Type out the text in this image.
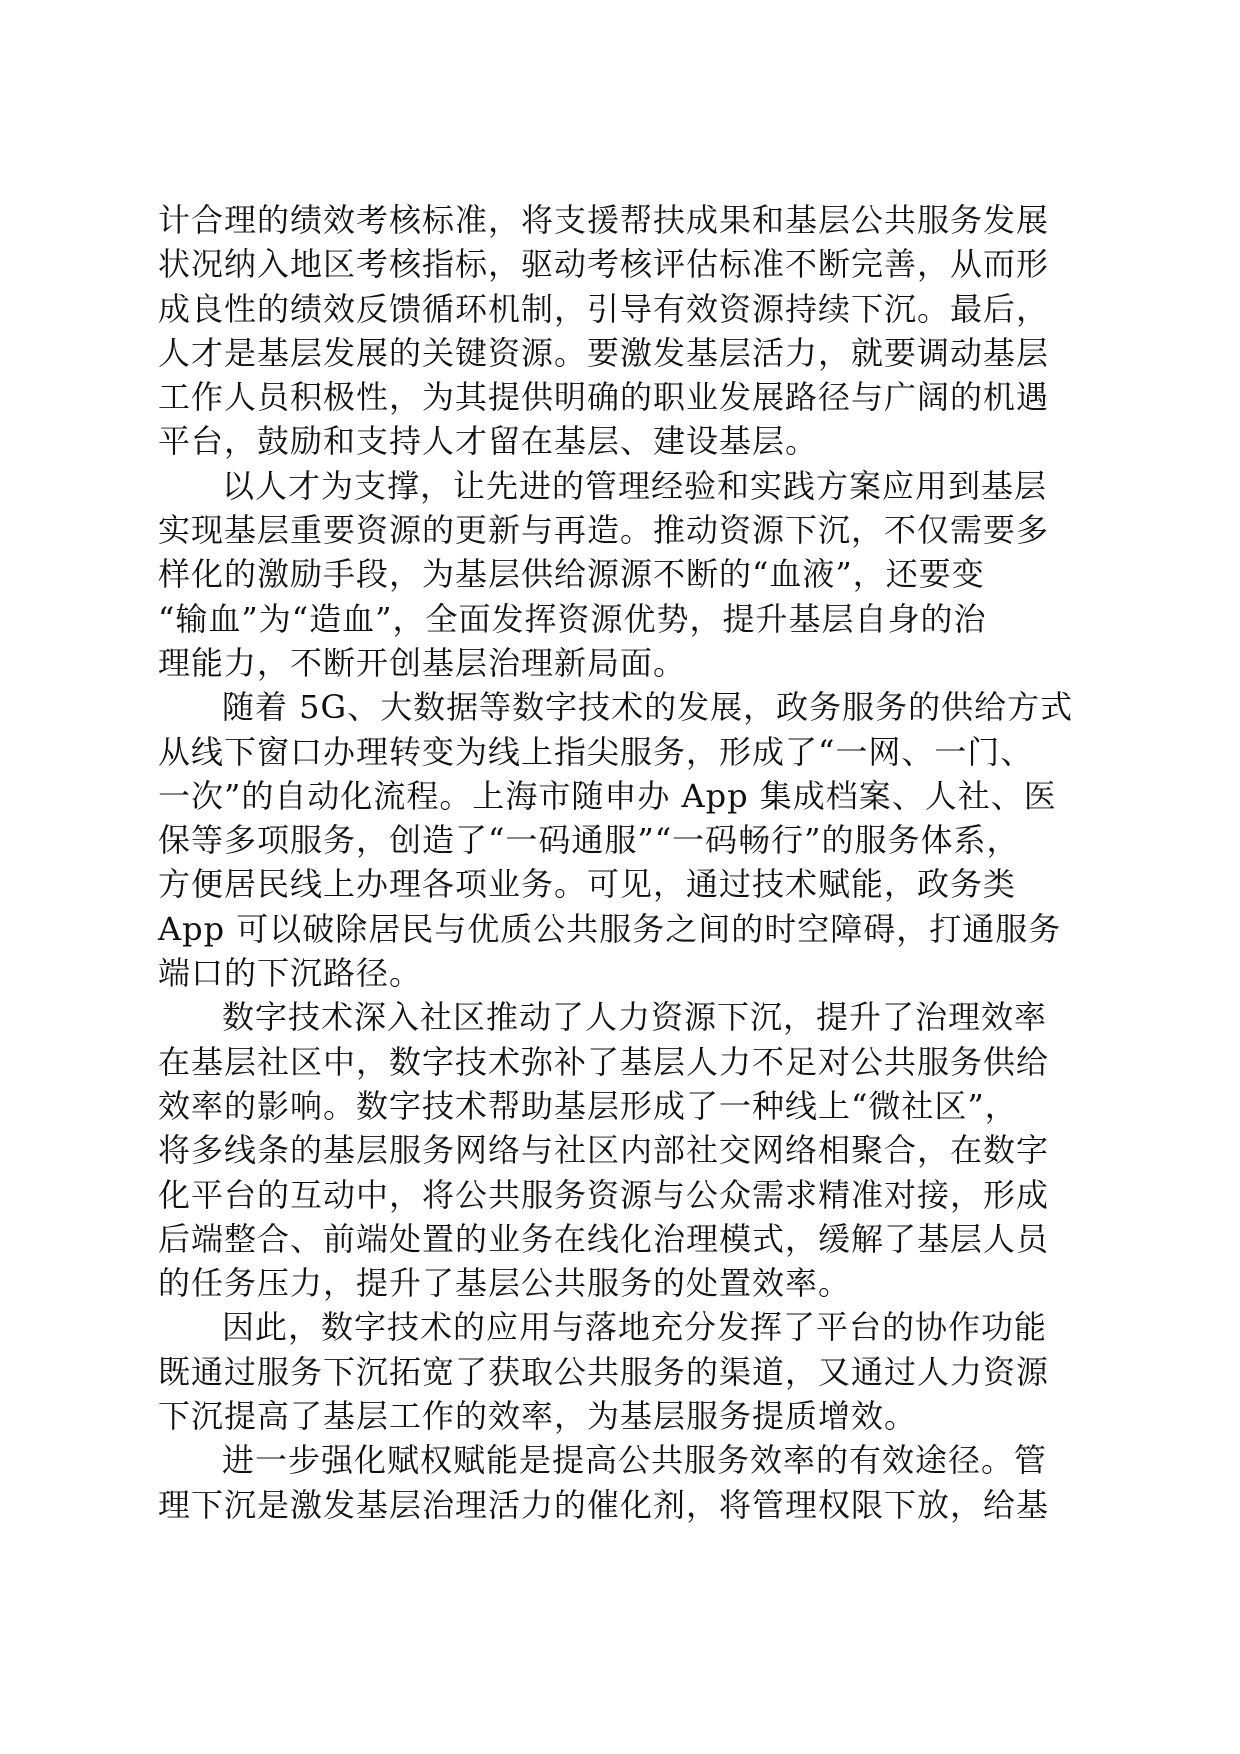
计合理的绩效考核标准，将支援帮扶成果和基层公共服务发展
状况纳入地区考核指标，驱动考核评估标准不断完善，从而形
成良性的绩效反馈循环机制，引导有效资源持续下沉。最后，
人才是基层发展的关键资源。要激发基层活力，就要调动基层
工作人员积极性，为其提供明确的职业发展路径与广阔的机遇
平台，鼓励和支持人才留在基层、建设基层。
以人才为支撑，让先进的管理经验和实践方案应用到基层
实现基层重要资源的更新与再造。推动资源下沉，不仅需要多
样化的激励手段，为基层供给源源不断的“血液”，还要变
“输血”为“造血”，全面发挥资源优势，提升基层自身的治
理能力，不断开创基层治理新局面。
随着 5G、大数据等数字技术的发展，政务服务的供给方式
从线下窗口办理转变为线上指尖服务，形成了“一网、一门、
一次”的自动化流程。上海市随申办 App 集成档案、人社、医
保等多项服务，创造了“一码通服”“一码畅行”的服务体系，
方便居民线上办理各项业务。可见，通过技术赋能，政务类
App 可以破除居民与优质公共服务之间的时空障碍，打通服务
端口的下沉路径。
数字技术深入社区推动了人力资源下沉，提升了治理效率
在基层社区中，数字技术弥补了基层人力不足对公共服务供给
效率的影响。数字技术帮助基层形成了一种线上“微社区”，
将多线条的基层服务网络与社区内部社交网络相聚合，在数字
化平台的互动中，将公共服务资源与公众需求精准对接，形成
后端整合、前端处置的业务在线化治理模式，缓解了基层人员
的任务压力，提升了基层公共服务的处置效率。
因此，数字技术的应用与落地充分发挥了平台的协作功能
既通过服务下沉拓宽了获取公共服务的渠道，又通过人力资源
下沉提高了基层工作的效率，为基层服务提质增效。
进一步强化赋权赋能是提高公共服务效率的有效途径。管
理下沉是激发基层治理活力的催化剂，将管理权限下放，给基
